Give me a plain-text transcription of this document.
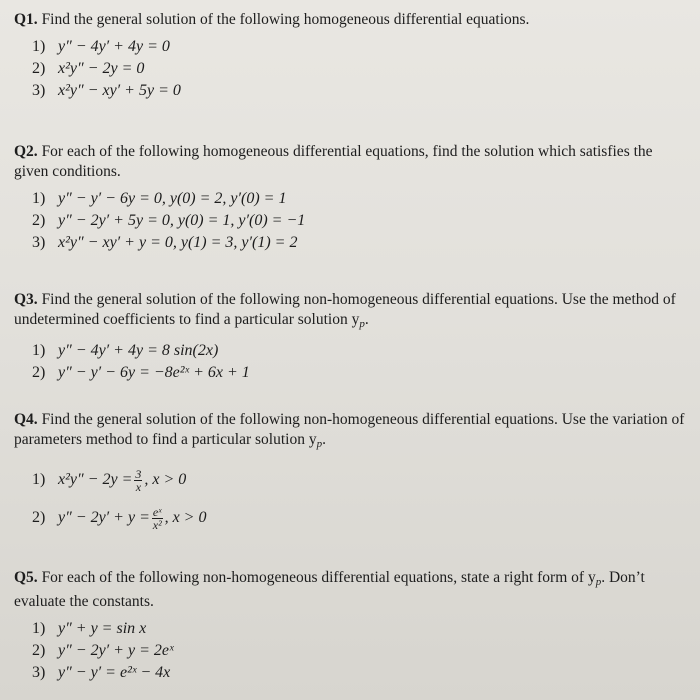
Q1. Find the general solution of the following homogeneous differential equations.
1) y″ − 4y′ + 4y = 0
2) x²y″ − 2y = 0
3) x²y″ − xy′ + 5y = 0
Q2. For each of the following homogeneous differential equations, find the solution which satisfies the given conditions.
1) y″ − y′ − 6y = 0, y(0) = 2, y′(0) = 1
2) y″ − 2y′ + 5y = 0, y(0) = 1, y′(0) = −1
3) x²y″ − xy′ + y = 0, y(1) = 3, y′(1) = 2
Q3. Find the general solution of the following non-homogeneous differential equations. Use the method of undetermined coefficients to find a particular solution $y_p$.
1) y″ − 4y′ + 4y = 8 sin(2x)
2) y″ − y′ − 6y = −8e²ˣ + 6x + 1
Q4. Find the general solution of the following non-homogeneous differential equations. Use the variation of parameters method to find a particular solution $y_p$.
1) $x^2y'' - 2y = \frac{3}{x}$ , x > 0
2) $y'' - 2y' + y = \frac{\text{eˣ}}{\text{x²}}$ , x > 0
Q5. For each of the following non-homogeneous differential equations, state a right form of $y_p$. Don’t evaluate the constants.
1) y″ + y = sin x
2) y″ − 2y′ + y = 2eˣ
3) y″ − y′ = e²ˣ − 4x
